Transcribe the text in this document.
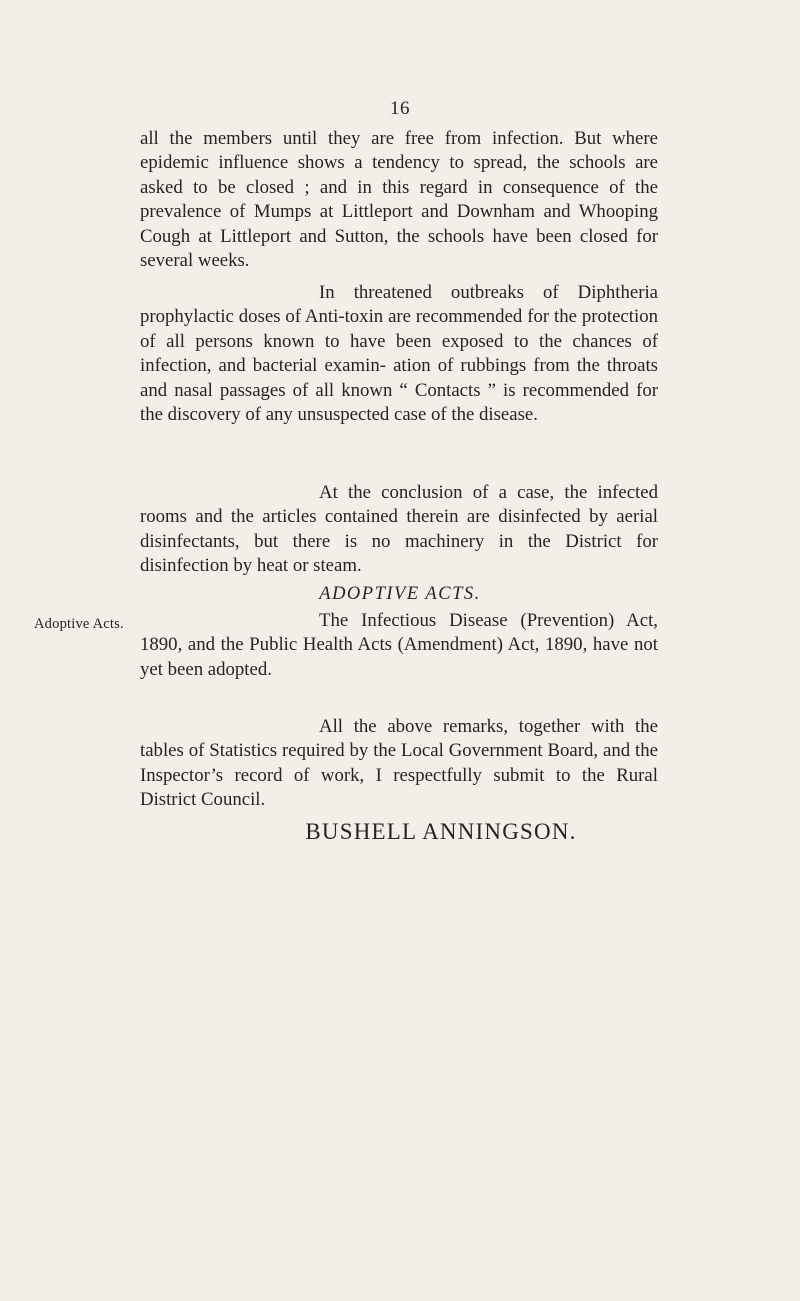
16

all the members until they are free from infection. But where epidemic influence shows a tendency to spread, the schools are asked to be closed ; and in this regard in consequence of the prevalence of Mumps at Littleport and Downham and Whooping Cough at Littleport and Sutton, the schools have been closed for several weeks.

In threatened outbreaks of Diphtheria prophylactic doses of Anti-toxin are recommended for the protection of all persons known to have been exposed to the chances of infection, and bacterial examin- ation of rubbings from the throats and nasal passages of all known “ Contacts ” is recommended for the discovery of any unsuspected case of the disease.

At the conclusion of a case, the infected rooms and the articles contained therein are disinfected by aerial disinfectants, but there is no machinery in the District for disinfection by heat or steam.

ADOPTIVE ACTS.
Adoptive Acts.	The Infectious Disease (Prevention) Act, 1890, and the Public Health Acts (Amendment) Act, 1890, have not yet been adopted.

All the above remarks, together with the tables of Statistics required by the Local Government Board, and the Inspector’s record of work, I respectfully submit to the Rural District Council.

BUSHELL ANNINGSON.
